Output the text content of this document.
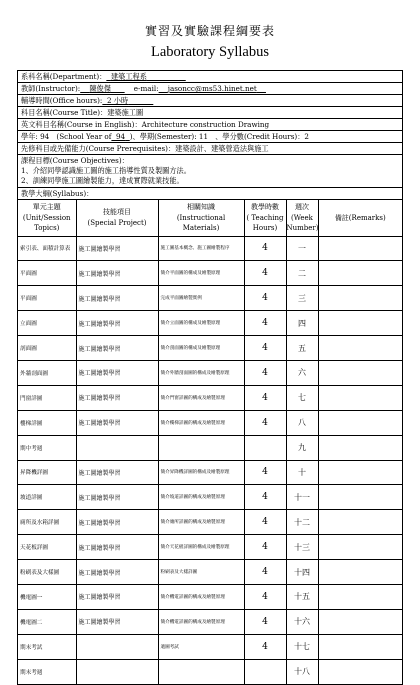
實習及實驗課程綱要表
Laboratory Syllabus
系科名稱(Department)： 建築工程系
教師(Instructor): 陳俊傑	e-mail: jasoncc@ms53.hinet.net
輔導時間(Office hours): 2 小時
科目名稱(Course Title)：建築施工圖
英文科目名稱(Course in English)：Architecture construction Drawing
學年: 94　(School Year of 94 )、學期(Semester): 11　、學分數(Credit Hours)：2
先修科目或先備能力(Course Prerequisites)：建築設計、建築營造法與施工
課程目標(Course Objectives)：
1、介紹同學認識施工圖的施工指導性質及製圖方法。
2、訓練同學施工圖繪製能力，達成實際就業技能。
教學大綱(Syllabus)：
單元主題
(Unit/Session
Topics)	技能項目
(Special Project)	相關知識
(Instructional
Materials)	教學時數
( Teaching
Hours)	週次
(Week
Number)	備註(Remarks)
索引表、面積計算表	施工圖繪製學習	施工圖基本概念、施工圖繪製程序	4	一	
平面圖	施工圖繪製學習	簡介平面圖的構成及繪製原理	4	二	
平面圖	施工圖繪製學習	完成平面圖繪製實例	4	三	
立面圖	施工圖繪製學習	簡介立面圖的構成及繪製原理	4	四	
剖面圖	施工圖繪製學習	簡介剖面圖的構成及繪製原理	4	五	
外牆剖面圖	施工圖繪製學習	簡介外牆剖面圖的構成及繪製原理	4	六	
門窗詳圖	施工圖繪製學習	簡介門窗詳圖的構成及繪製原理	4	七	
樓梯詳圖	施工圖繪製學習	簡介樓梯詳圖的構成及繪製原理	4	八	
期中考週				九	
昇降機詳圖	施工圖繪製學習	簡介昇降機詳圖的構成及繪製原理	4	十	
坡道詳圖	施工圖繪製學習	簡介坡道詳圖的構成及繪製原理	4	十一	
廁所及水箱詳圖	施工圖繪製學習	簡介廁所詳圖的構成及繪製原理	4	十二	
天花板詳圖	施工圖繪製學習	簡介天花板詳圖的構成及繪製原理	4	十三	
粉刷表及大樣圖	施工圖繪製學習	粉刷表及大樣詳圖	4	十四	
機電圖一	施工圖繪製學習	簡介機電詳圖的構成及繪製原理	4	十五	
機電圖二	施工圖繪製學習	簡介機電詳圖的構成及繪製原理	4	十六	
期末考試		適圖考試	4	十七	
期末考週				十八	
